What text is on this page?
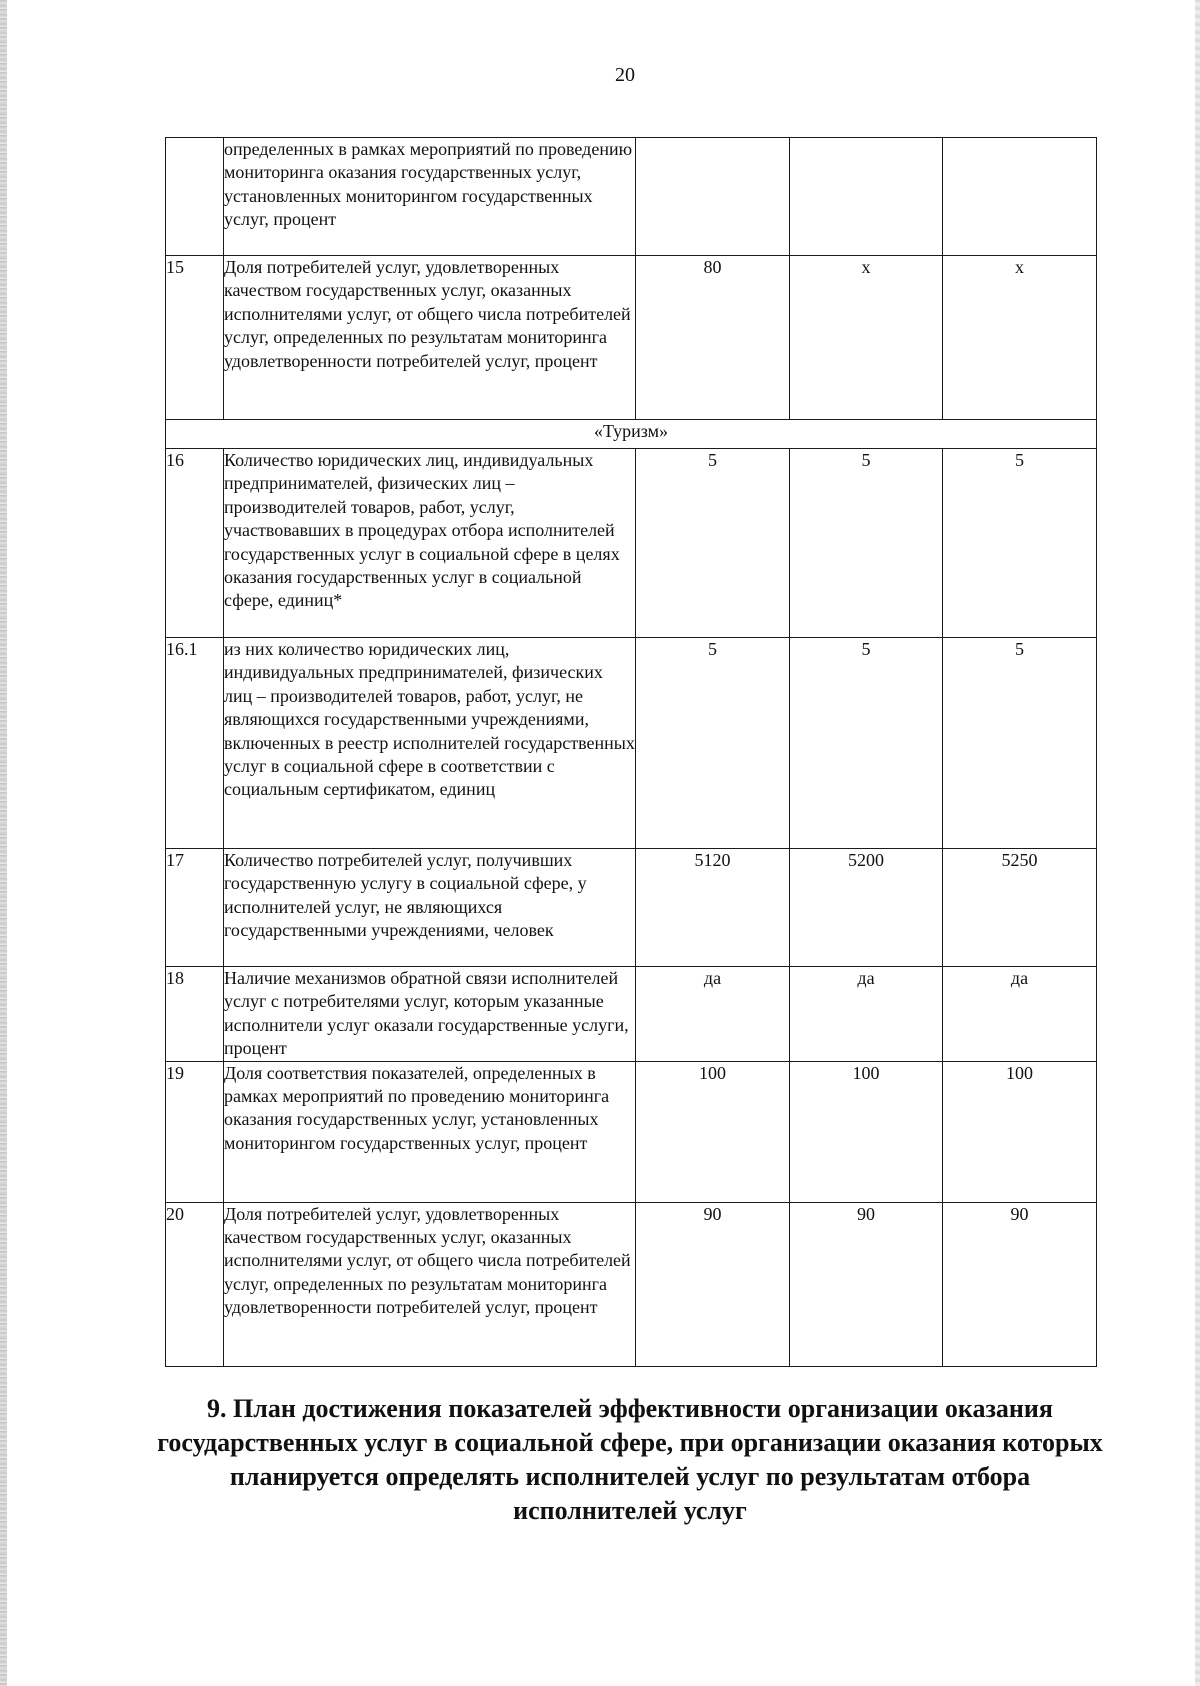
20
	определенных в рамках мероприятий по проведению мониторинга оказания государственных услуг, установленных мониторингом государственных услуг, процент			
15	Доля потребителей услуг, удовлетворенных качеством государственных услуг, оказанных исполнителями услуг, от общего числа потребителей услуг, определенных по результатам мониторинга удовлетворенности потребителей услуг, процент	80	x	x
«Туризм»				
16	Количество юридических лиц, индивидуальных предпринимателей, физических лиц – производителей товаров, работ, услуг, участвовавших в процедурах отбора исполнителей государственных услуг в социальной сфере в целях оказания государственных услуг в социальной сфере, единиц*	5	5	5
16.1	из них количество юридических лиц, индивидуальных предпринимателей, физических лиц – производителей товаров, работ, услуг, не являющихся государственными учреждениями, включенных в реестр исполнителей государственных услуг в социальной сфере в соответствии с социальным сертификатом, единиц	5	5	5
17	Количество потребителей услуг, получивших государственную услугу в социальной сфере, у исполнителей услуг, не являющихся государственными учреждениями, человек	5120	5200	5250
18	Наличие механизмов обратной связи исполнителей услуг с потребителями услуг, которым указанные исполнители услуг оказали государственные услуги, процент	да	да	да
19	Доля соответствия показателей, определенных в рамках мероприятий по проведению мониторинга оказания государственных услуг, установленных мониторингом государственных услуг, процент	100	100	100
20	Доля потребителей услуг, удовлетворенных качеством государственных услуг, оказанных исполнителями услуг, от общего числа потребителей услуг, определенных по результатам мониторинга удовлетворенности потребителей услуг, процент	90	90	90
9. План достижения показателей эффективности организации оказания государственных услуг в социальной сфере, при организации оказания которых планируется определять исполнителей услуг по результатам отбора исполнителей услуг
